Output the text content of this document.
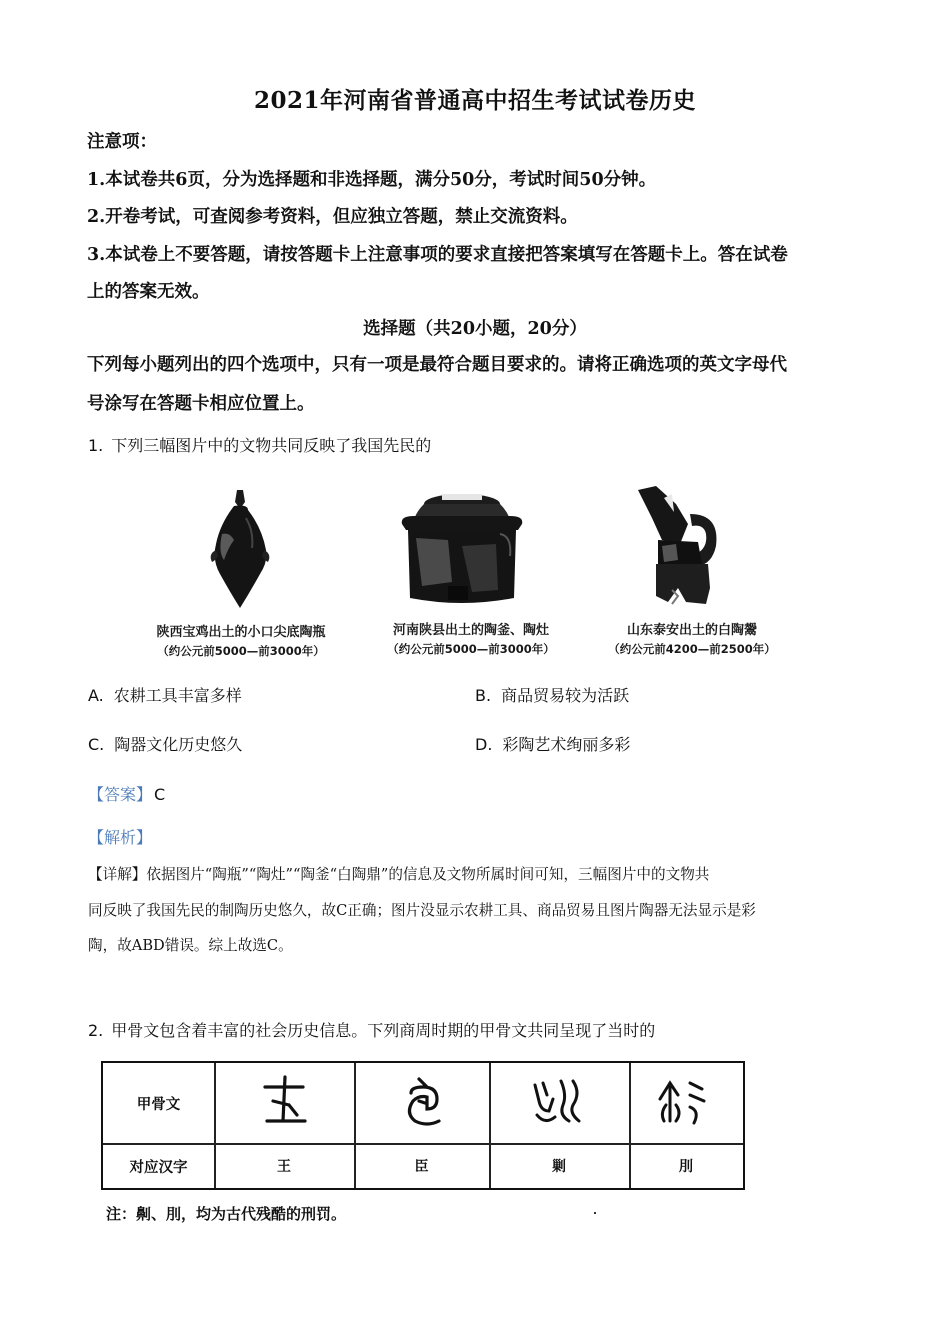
2021年河南省普通高中招生考试试卷历史
注意项：
1.本试卷共6页，分为选择题和非选择题，满分50分，考试时间50分钟。
2.开卷考试，可查阅参考资料，但应独立答题，禁止交流资料。
3.本试卷上不要答题，请按答题卡上注意事项的要求直接把答案填写在答题卡上。答在试卷
上的答案无效。
选择题（共20小题，20分）
下列每小题列出的四个选项中，只有一项是最符合题目要求的。请将正确选项的英文字母代
号涂写在答题卡相应位置上。
1. 下列三幅图片中的文物共同反映了我国先民的
陕西宝鸡出土的小口尖底陶瓶
（约公元前5000—前3000年）
河南陕县出土的陶釜、陶灶
（约公元前5000—前3000年）
山东泰安出土的白陶鬶
（约公元前4200—前2500年）
A. 农耕工具丰富多样	B. 商品贸易较为活跃
C. 陶器文化历史悠久	D. 彩陶艺术绚丽多彩
【答案】 C
【解析】
【详解】依据图片“陶瓶”“陶灶”“陶釜“白陶鼎”的信息及文物所属时间可知，三幅图片中的文物共
同反映了我国先民的制陶历史悠久，故C正确；图片没显示农耕工具、商品贸易且图片陶器无法显示是彩
陶，故ABD错误。综上故选C。
2. 甲骨文包含着丰富的社会历史信息。下列商周时期的甲骨文共同呈现了当时的
甲骨文
对应汉字	王	臣	剿	刖
注：劓、刖，均为古代残酷的刑罚。
